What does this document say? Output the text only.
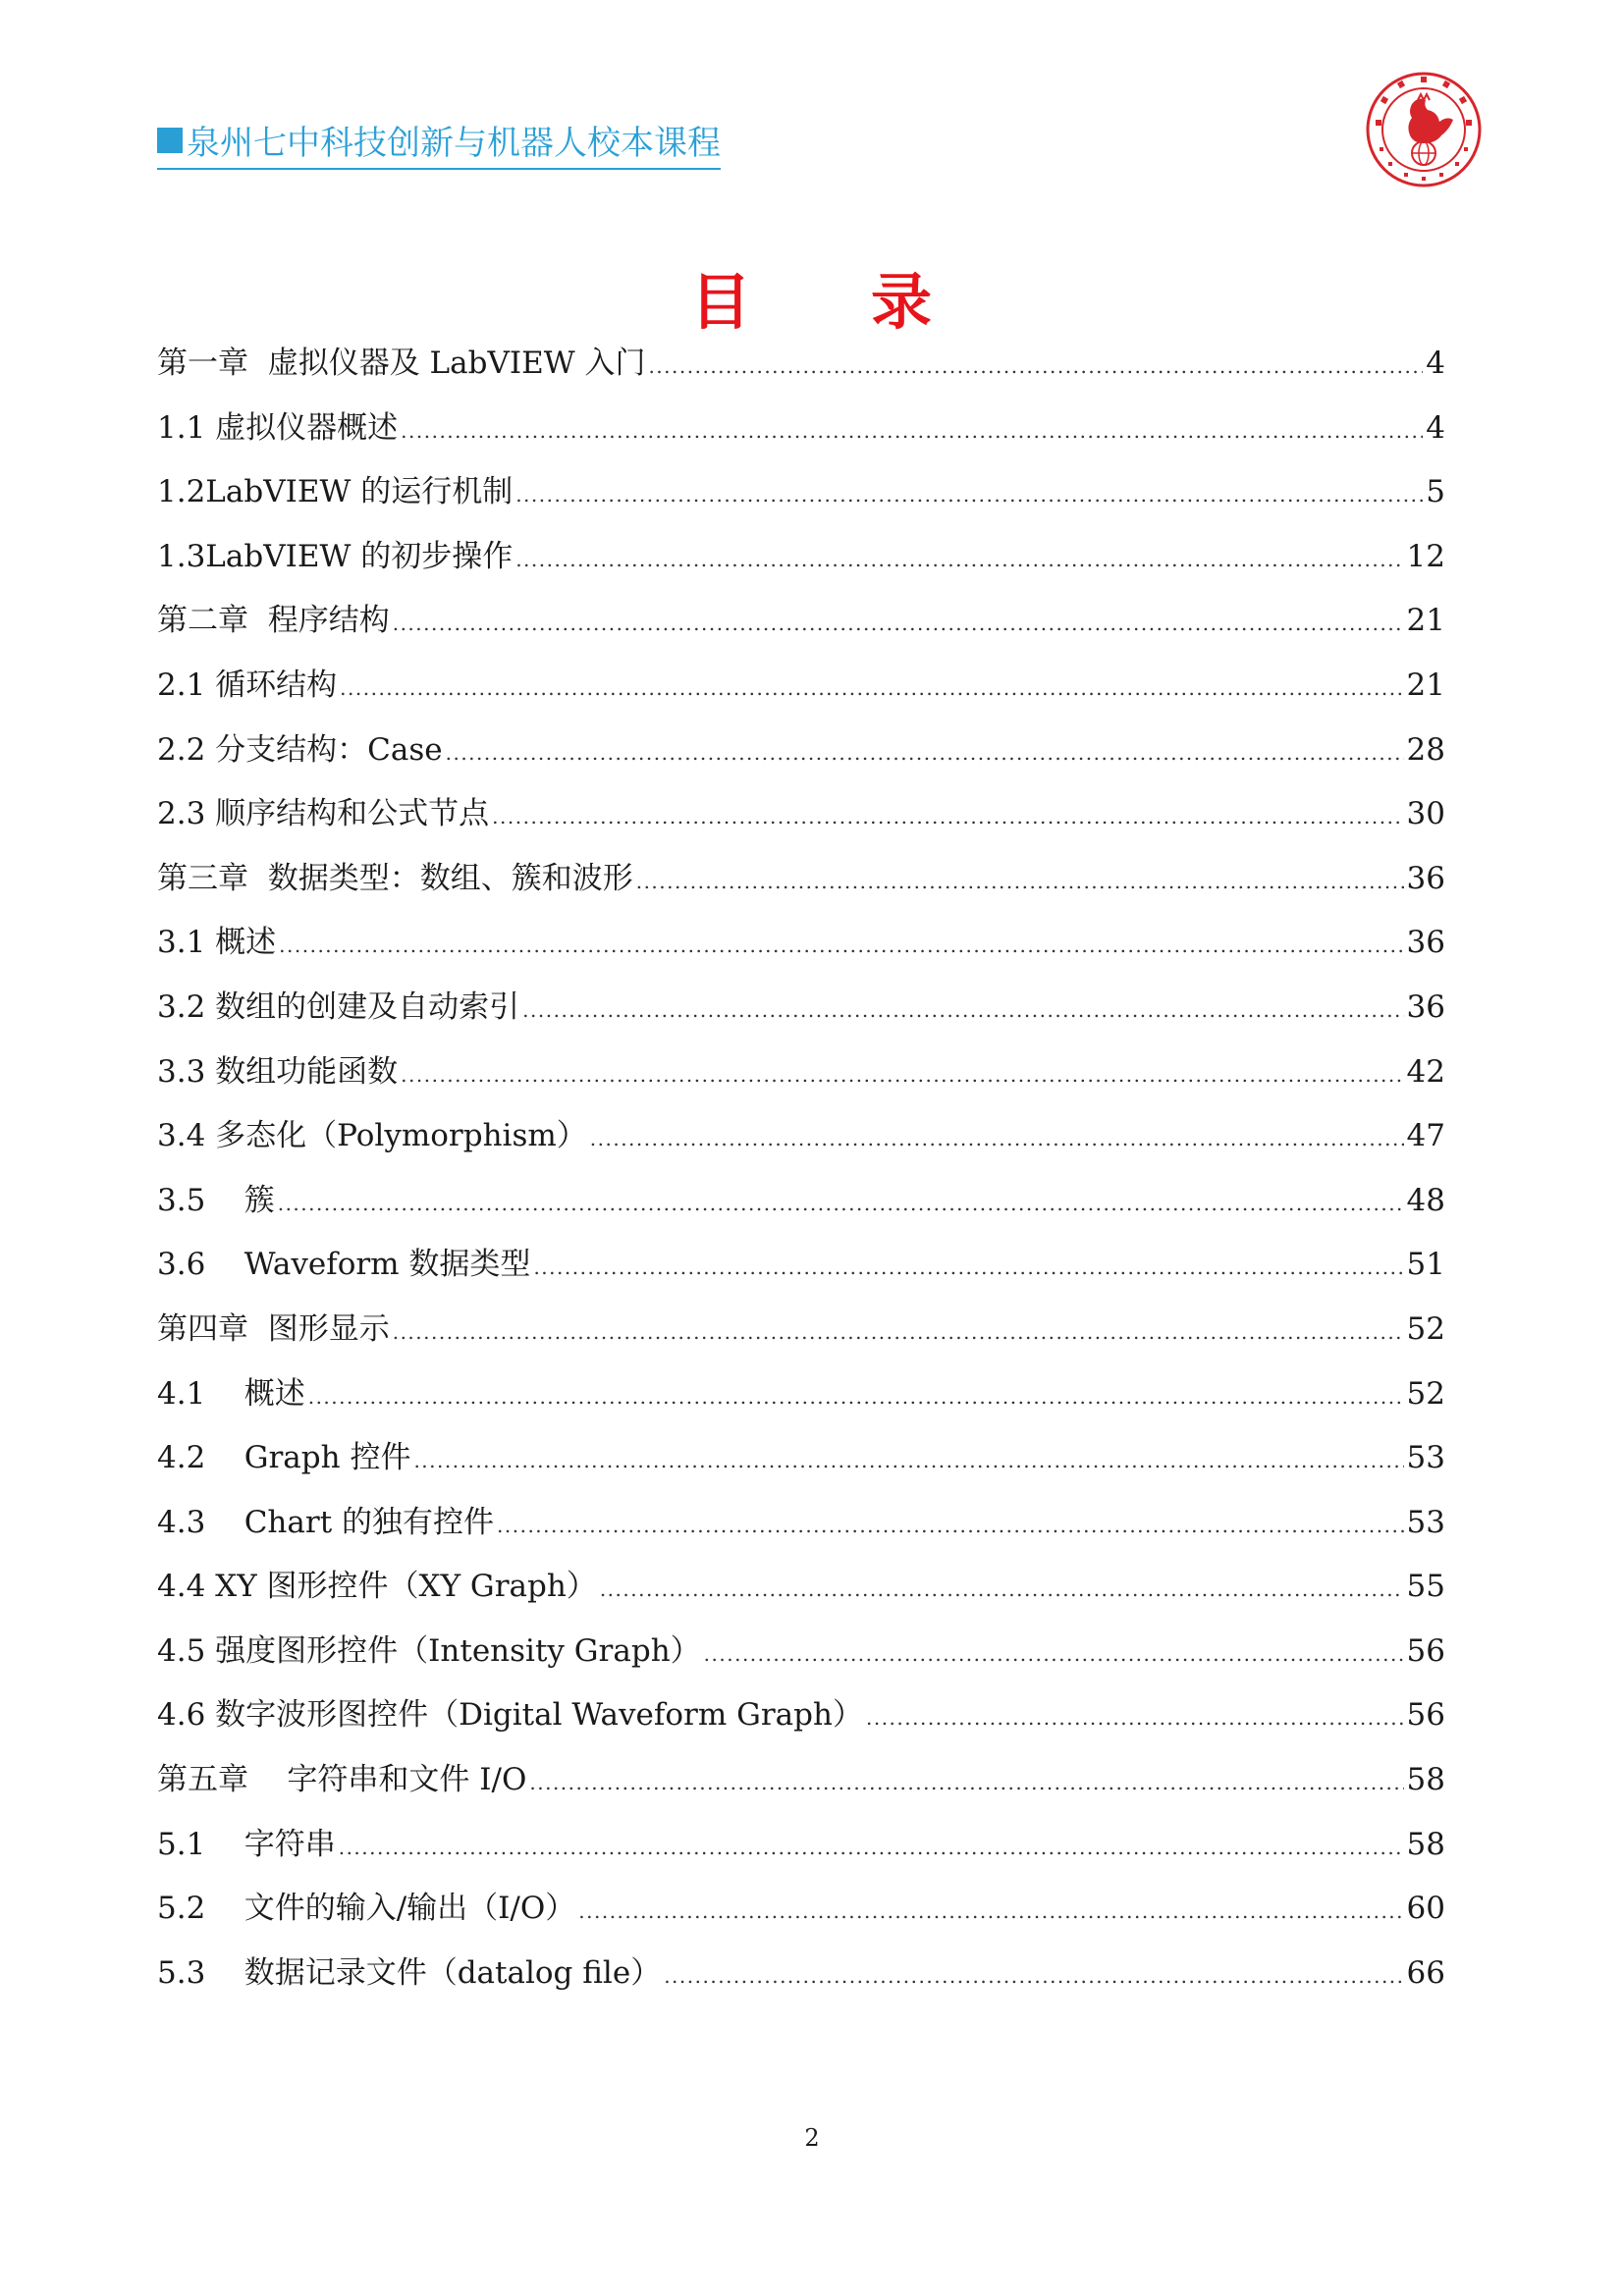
泉州七中科技创新与机器人校本课程
目 录
第一章  虚拟仪器及 LabVIEW 入门 .....	4
1.1 虚拟仪器概述 .....	4
1.2LabVIEW 的运行机制 .....	5
1.3LabVIEW 的初步操作 .....	12
第二章  程序结构 .....	21
2.1 循环结构 .....	21
2.2 分支结构：Case .....	28
2.3 顺序结构和公式节点 .....	30
第三章  数据类型：数组、簇和波形 .....	36
3.1 概述 .....	36
3.2 数组的创建及自动索引 .....	36
3.3 数组功能函数 .....	42
3.4 多态化（Polymorphism） .....	47
3.5    簇 .....	48
3.6    Waveform 数据类型 .....	51
第四章  图形显示 .....	52
4.1    概述 .....	52
4.2    Graph 控件 .....	53
4.3    Chart 的独有控件 .....	53
4.4 XY 图形控件（XY Graph） .....	55
4.5 强度图形控件（Intensity Graph） .....	56
4.6 数字波形图控件（Digital Waveform Graph） .....	56
第五章    字符串和文件 I/O .....	58
5.1    字符串 .....	58
5.2    文件的输入/输出（I/O） .....	60
5.3    数据记录文件（datalog file） .....	66
2
